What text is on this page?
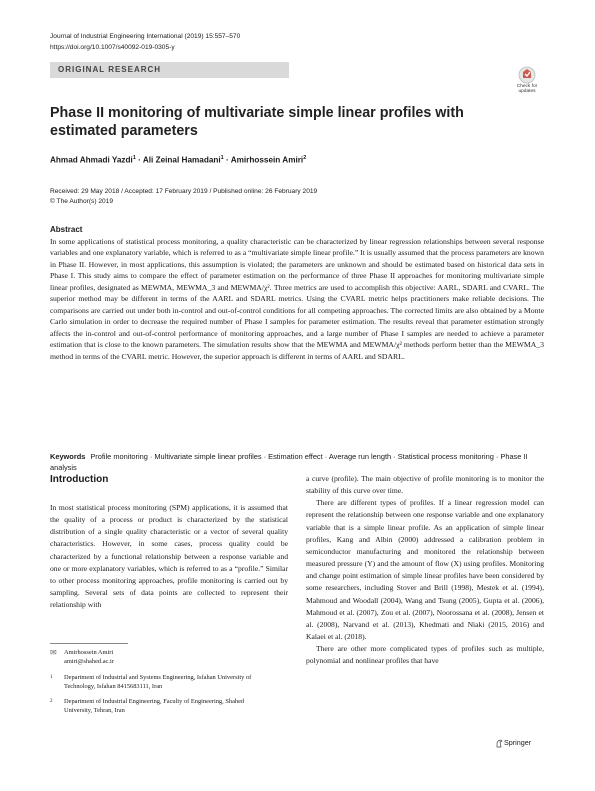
Journal of Industrial Engineering International (2019) 15:557–570
https://doi.org/10.1007/s40092-019-0305-y
ORIGINAL RESEARCH
Check for
updates
Phase II monitoring of multivariate simple linear profiles with estimated parameters
Ahmad Ahmadi Yazdi$^1$ · Ali Zeinal Hamadani$^1$ · Amirhossein Amiri$^2$
Received: 29 May 2018 / Accepted: 17 February 2019 / Published online: 26 February 2019
© The Author(s) 2019
Abstract
In some applications of statistical process monitoring, a quality characteristic can be characterized by linear regression relationships between several response variables and one explanatory variable, which is referred to as a “multivariate simple linear profile.” It is usually assumed that the process parameters are known in Phase II. However, in most applications, this assumption is violated; the parameters are unknown and should be estimated based on historical data sets in Phase I. This study aims to compare the effect of parameter estimation on the performance of three Phase II approaches for monitoring multivariate simple linear profiles, designated as MEWMA, MEWMA_3 and MEWMA/χ². Three metrics are used to accomplish this objective: AARL, SDARL and CVARL. The superior method may be different in terms of the AARL and SDARL metrics. Using the CVARL metric helps practitioners make reliable decisions. The comparisons are carried out under both in-control and out-of-control conditions for all competing approaches. The corrected limits are also obtained by a Monte Carlo simulation in order to decrease the required number of Phase I samples for parameter estimation. The results reveal that parameter estimation strongly affects the in-control and out-of-control performance of monitoring approaches, and a large number of Phase I samples are needed to achieve a parameter estimation that is close to the known parameters. The simulation results show that the MEWMA and MEWMA/χ² methods perform better than the MEWMA_3 method in terms of the CVARL metric. However, the superior approach is different in terms of AARL and SDARL.
Keywords Profile monitoring · Multivariate simple linear profiles · Estimation effect · Average run length · Statistical process monitoring · Phase II analysis
Introduction
In most statistical process monitoring (SPM) applications, it is assumed that the quality of a process or product is characterized by the statistical distribution of a single quality characteristic or a vector of several quality characteristics. However, in some cases, process quality could be characterized by a functional relationship between a response variable and one or more explanatory variables, which is referred to as a “profile.” Similar to other process monitoring approaches, profile monitoring is carried out by sampling. Several sets of data points are collected to represent their relationship with

a curve (profile). The main objective of profile monitoring is to monitor the stability of this curve over time.

There are different types of profiles. If a linear regression model can represent the relationship between one response variable and one explanatory variable that is a simple linear profile. As an application of simple linear profiles, Kang and Albin (2000) addressed a calibration problem in semiconductor manufacturing and monitored the relationship between measured pressure (Y) and the amount of flow (X) using profiles. Monitoring and change point estimation of simple linear profiles have been considered by some researchers, including Stover and Brill (1998), Mestek et al. (1994), Mahmoud and Woodall (2004), Wang and Tsung (2005), Gupta et al. (2006), Mahmoud et al. (2007), Zou et al. (2007), Noorossana et al. (2008), Jensen et al. (2008), Narvand et al. (2013), Khedmati and Niaki (2015, 2016) and Kalaei et al. (2018).

There are other more complicated types of profiles such as multiple, polynomial and nonlinear profiles that have

✉	Amirhossein Amiri
amiri@shahed.ac.ir
1 Department of Industrial and Systems Engineering, Isfahan University of Technology, Isfahan 8415683111, Iran
2 Department of Industrial Engineering, Faculty of Engineering, Shahed University, Tehran, Iran
Springer
